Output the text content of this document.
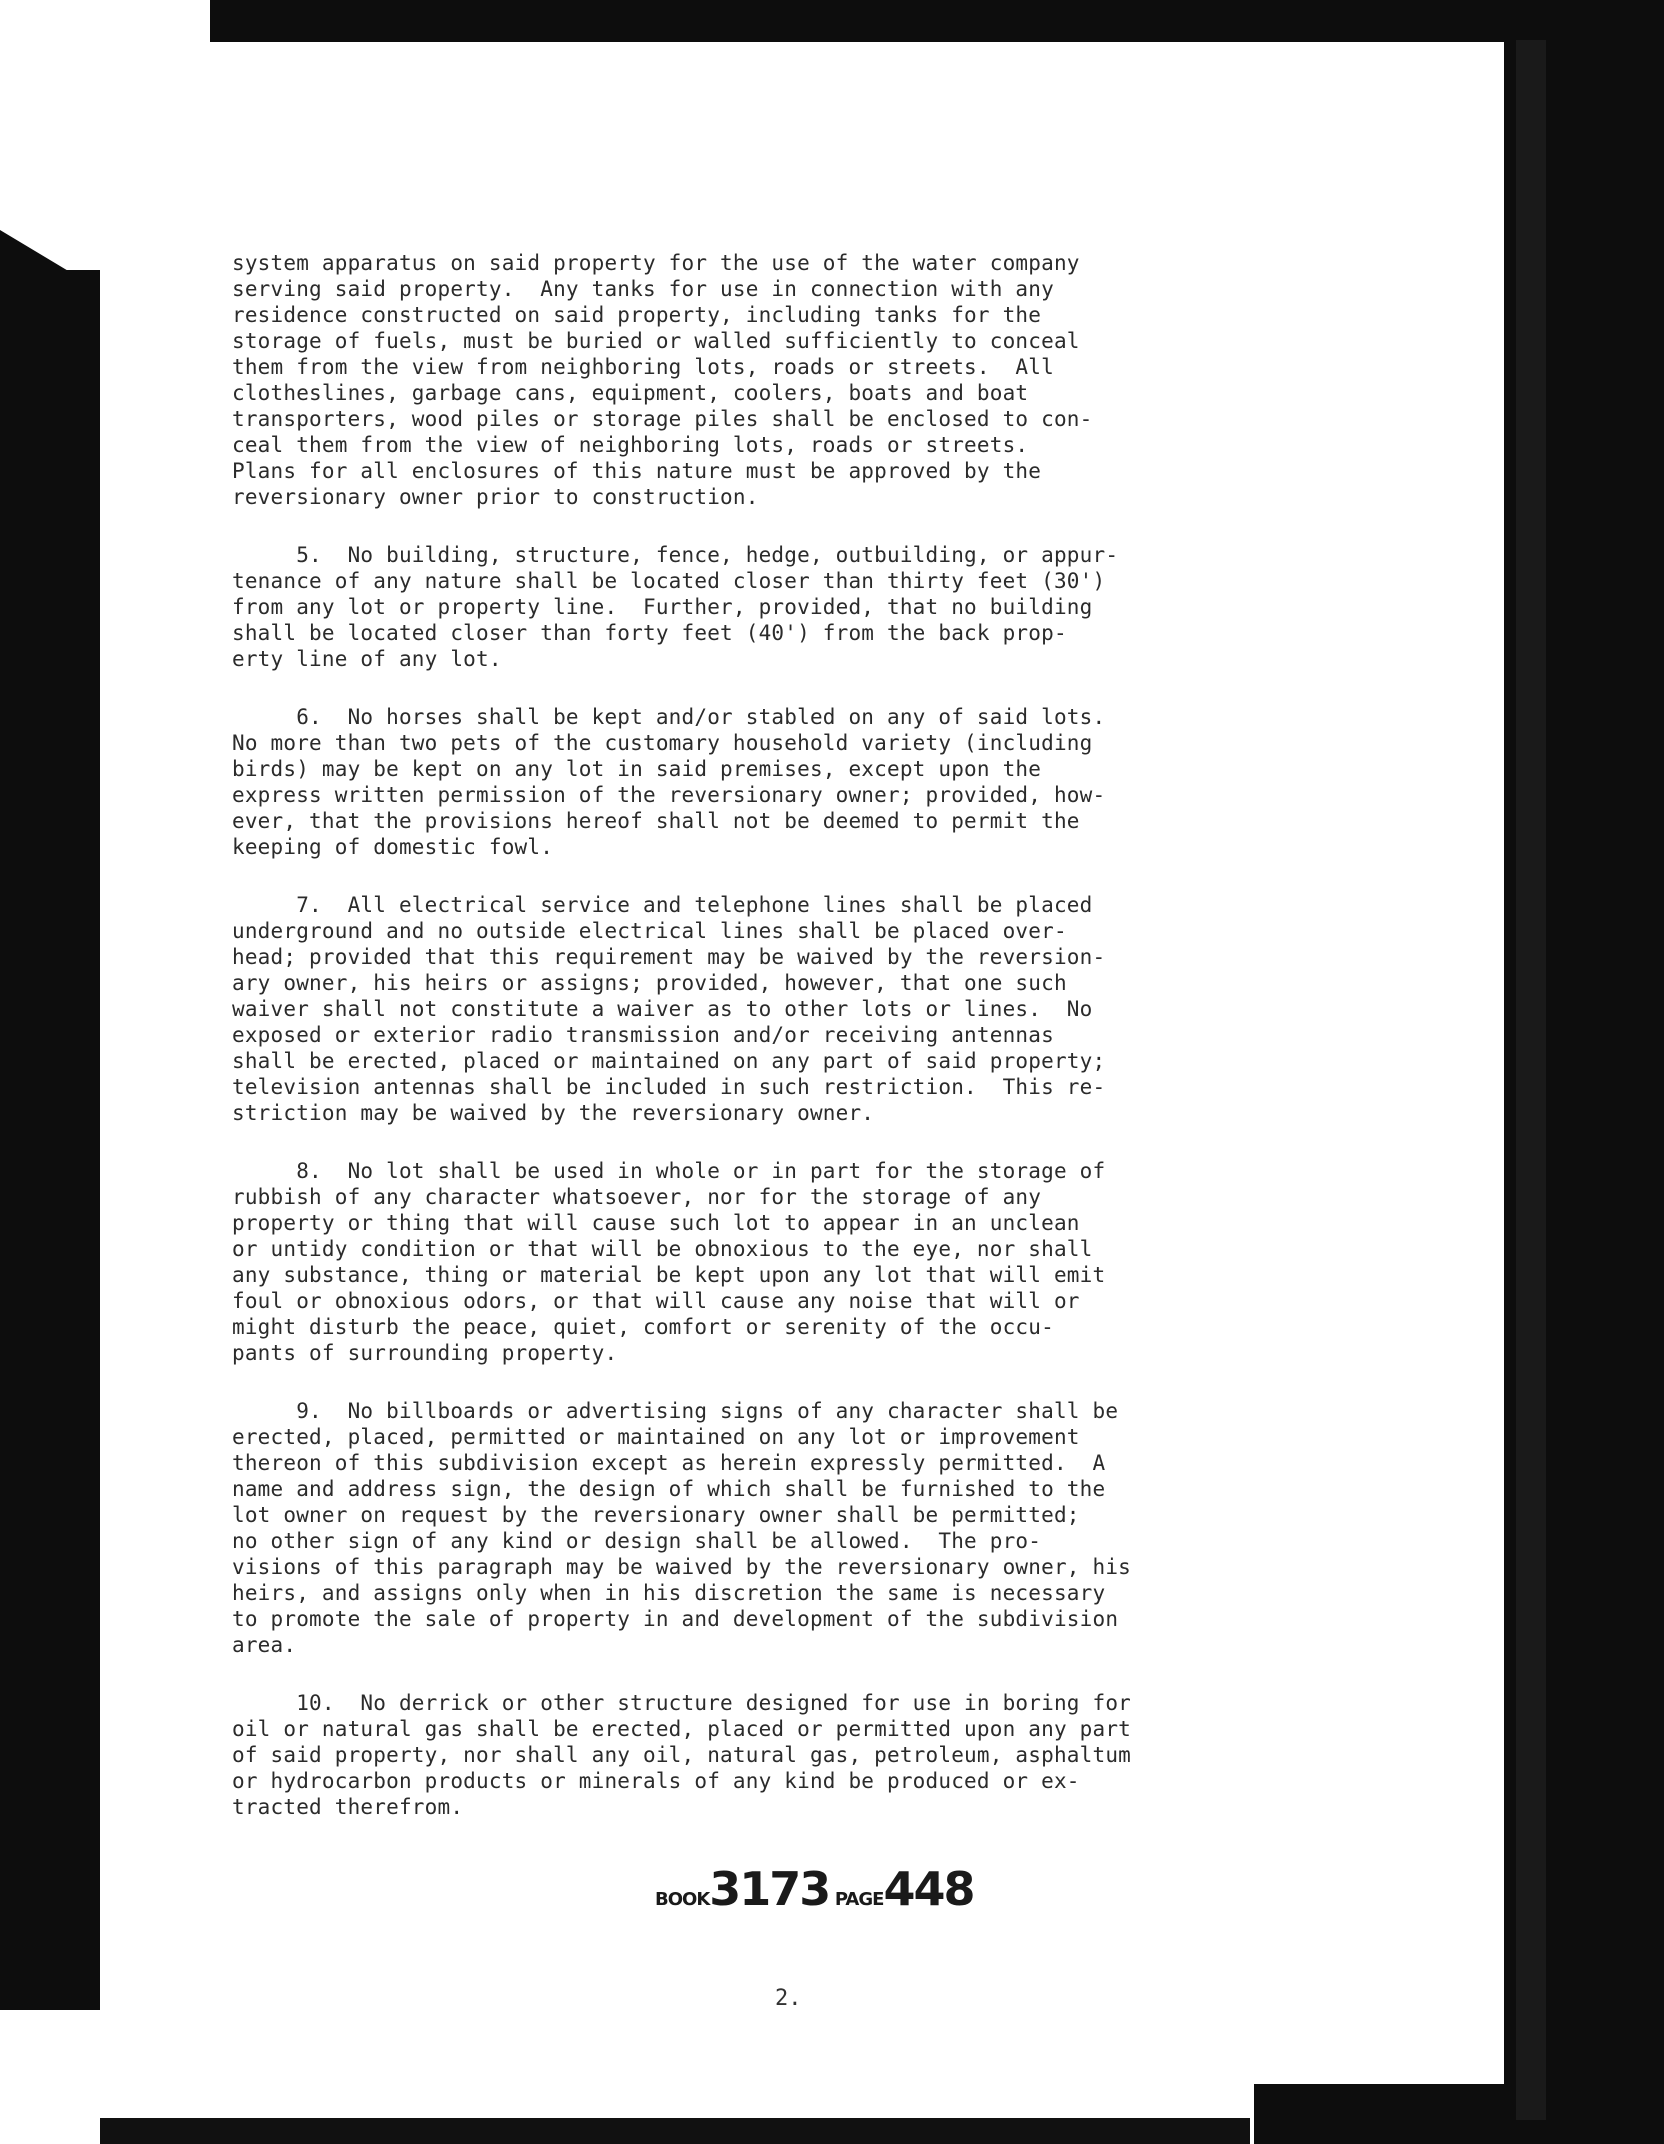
system apparatus on said property for the use of the water company
serving said property.  Any tanks for use in connection with any
residence constructed on said property, including tanks for the
storage of fuels, must be buried or walled sufficiently to conceal
them from the view from neighboring lots, roads or streets.  All
clotheslines, garbage cans, equipment, coolers, boats and boat
transporters, wood piles or storage piles shall be enclosed to con-
ceal them from the view of neighboring lots, roads or streets.
Plans for all enclosures of this nature must be approved by the
reversionary owner prior to construction.
5.  No building, structure, fence, hedge, outbuilding, or appur-
tenance of any nature shall be located closer than thirty feet (30')
from any lot or property line.  Further, provided, that no building
shall be located closer than forty feet (40') from the back prop-
erty line of any lot.
6.  No horses shall be kept and/or stabled on any of said lots.
No more than two pets of the customary household variety (including
birds) may be kept on any lot in said premises, except upon the
express written permission of the reversionary owner; provided, how-
ever, that the provisions hereof shall not be deemed to permit the
keeping of domestic fowl.
7.  All electrical service and telephone lines shall be placed
underground and no outside electrical lines shall be placed over-
head; provided that this requirement may be waived by the reversion-
ary owner, his heirs or assigns; provided, however, that one such
waiver shall not constitute a waiver as to other lots or lines.  No
exposed or exterior radio transmission and/or receiving antennas
shall be erected, placed or maintained on any part of said property;
television antennas shall be included in such restriction.  This re-
striction may be waived by the reversionary owner.
8.  No lot shall be used in whole or in part for the storage of
rubbish of any character whatsoever, nor for the storage of any
property or thing that will cause such lot to appear in an unclean
or untidy condition or that will be obnoxious to the eye, nor shall
any substance, thing or material be kept upon any lot that will emit
foul or obnoxious odors, or that will cause any noise that will or
might disturb the peace, quiet, comfort or serenity of the occu-
pants of surrounding property.
9.  No billboards or advertising signs of any character shall be
erected, placed, permitted or maintained on any lot or improvement
thereon of this subdivision except as herein expressly permitted.  A
name and address sign, the design of which shall be furnished to the
lot owner on request by the reversionary owner shall be permitted;
no other sign of any kind or design shall be allowed.  The pro-
visions of this paragraph may be waived by the reversionary owner, his
heirs, and assigns only when in his discretion the same is necessary
to promote the sale of property in and development of the subdivision
area.
10.  No derrick or other structure designed for use in boring for
oil or natural gas shall be erected, placed or permitted upon any part
of said property, nor shall any oil, natural gas, petroleum, asphaltum
or hydrocarbon products or minerals of any kind be produced or ex-
tracted therefrom.
BOOK3173 PAGE448
2.
